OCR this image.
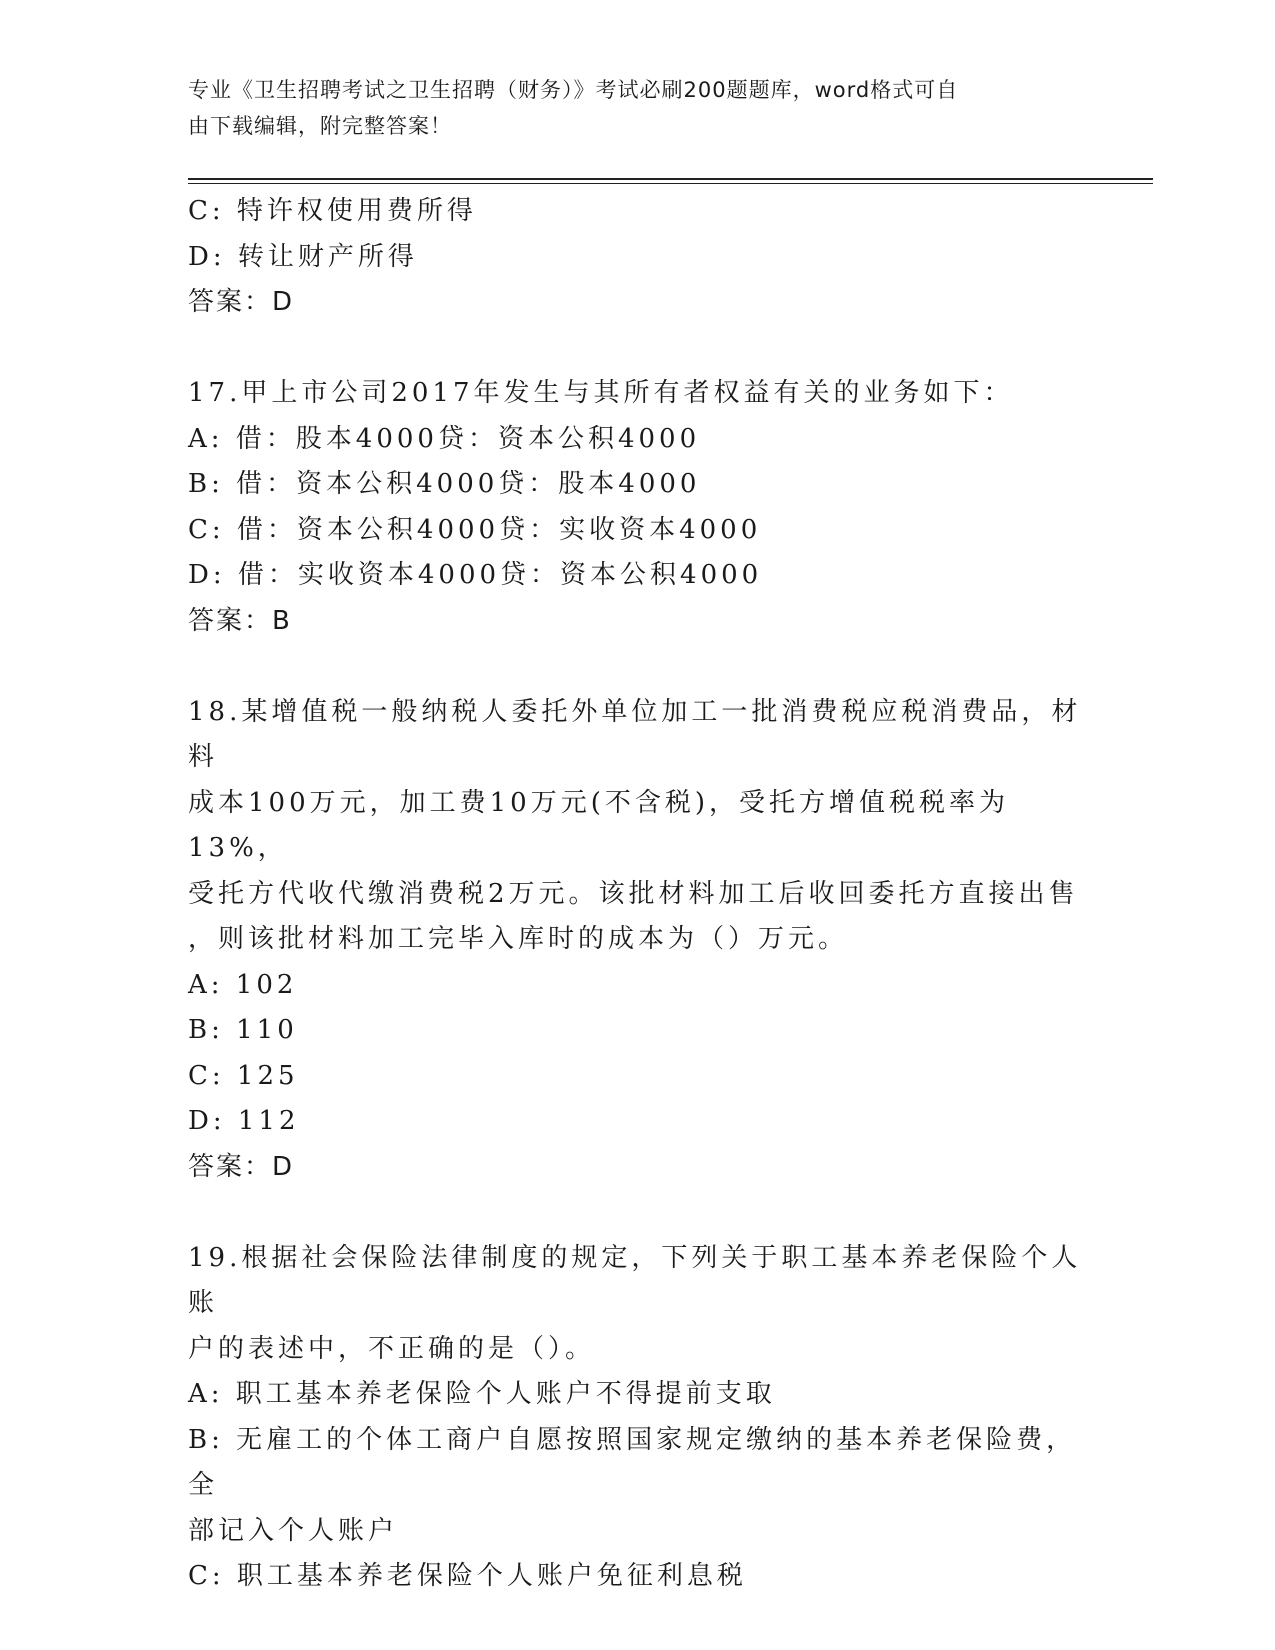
专业《卫生招聘考试之卫生招聘（财务）》考试必刷200题题库，word格式可自
由下载编辑，附完整答案！
C: 特许权使用费所得
D: 转让财产所得
答案：D
17.甲上市公司2017年发生与其所有者权益有关的业务如下：
A: 借：股本4000贷：资本公积4000
B: 借：资本公积4000贷：股本4000
C: 借：资本公积4000贷：实收资本4000
D: 借：实收资本4000贷：资本公积4000
答案：B
18.某增值税一般纳税人委托外单位加工一批消费税应税消费品，材料
成本100万元，加工费10万元(不含税)，受托方增值税税率为13%，
受托方代收代缴消费税2万元。该批材料加工后收回委托方直接出售
，则该批材料加工完毕入库时的成本为（）万元。
A: 102
B: 110
C: 125
D: 112
答案：D
19.根据社会保险法律制度的规定，下列关于职工基本养老保险个人账
户的表述中，不正确的是（）。
A: 职工基本养老保险个人账户不得提前支取
B: 无雇工的个体工商户自愿按照国家规定缴纳的基本养老保险费，全
部记入个人账户
C: 职工基本养老保险个人账户免征利息税
